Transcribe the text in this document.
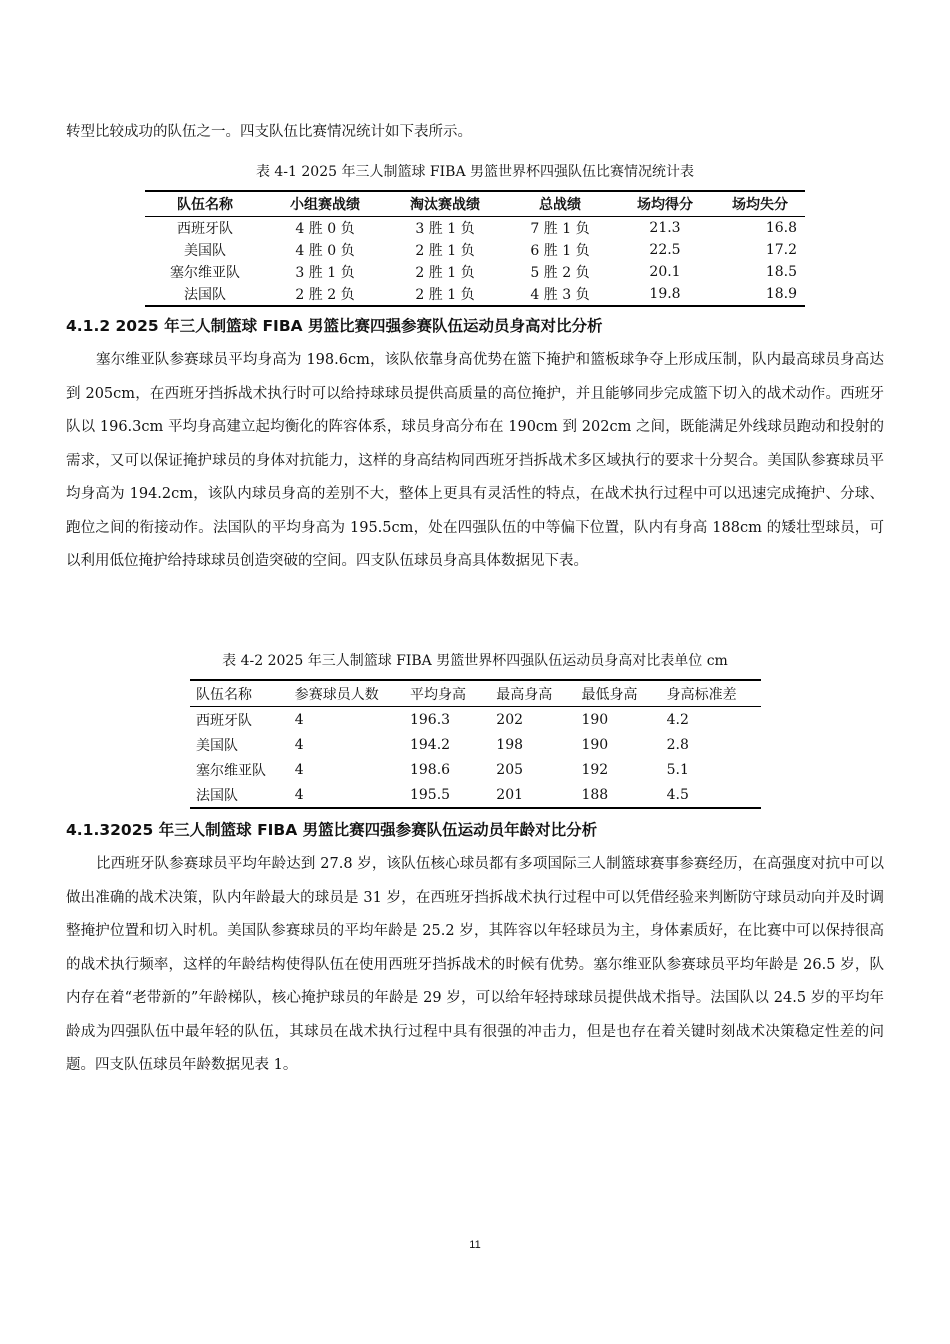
转型比较成功的队伍之一。四支队伍比赛情况统计如下表所示。

表 4-1 2025 年三人制篮球 FIBA 男篮世界杯四强队伍比赛情况统计表

队伍名称	小组赛战绩	淘汰赛战绩	总战绩	场均得分	场均失分
西班牙队	4 胜 0 负	3 胜 1 负	7 胜 1 负	21.3	16.8
美国队	4 胜 0 负	2 胜 1 负	6 胜 1 负	22.5	17.2
塞尔维亚队	3 胜 1 负	2 胜 1 负	5 胜 2 负	20.1	18.5
法国队	2 胜 2 负	2 胜 1 负	4 胜 3 负	19.8	18.9
4.1.2 2025 年三人制篮球 FIBA 男篮比赛四强参赛队伍运动员身高对比分析

塞尔维亚队参赛球员平均身高为 198.6cm，该队依靠身高优势在篮下掩护和篮板球争夺上形成压制，队内最高球员身高达到 205cm，在西班牙挡拆战术执行时可以给持球球员提供高质量的高位掩护，并且能够同步完成篮下切入的战术动作。西班牙队以 196.3cm 平均身高建立起均衡化的阵容体系，球员身高分布在 190cm 到 202cm 之间，既能满足外线球员跑动和投射的需求，又可以保证掩护球员的身体对抗能力，这样的身高结构同西班牙挡拆战术多区域执行的要求十分契合。美国队参赛球员平均身高为 194.2cm，该队内球员身高的差别不大，整体上更具有灵活性的特点，在战术执行过程中可以迅速完成掩护、分球、跑位之间的衔接动作。法国队的平均身高为 195.5cm，处在四强队伍的中等偏下位置，队内有身高 188cm 的矮壮型球员，可以利用低位掩护给持球球员创造突破的空间。四支队伍球员身高具体数据见下表。

表 4-2 2025 年三人制篮球 FIBA 男篮世界杯四强队伍运动员身高对比表单位 cm

队伍名称	参赛球员人数	平均身高	最高身高	最低身高	身高标准差
西班牙队	4	196.3	202	190	4.2
美国队	4	194.2	198	190	2.8
塞尔维亚队	4	198.6	205	192	5.1
法国队	4	195.5	201	188	4.5
4.1.32025 年三人制篮球 FIBA 男篮比赛四强参赛队伍运动员年龄对比分析

比西班牙队参赛球员平均年龄达到 27.8 岁，该队伍核心球员都有多项国际三人制篮球赛事参赛经历，在高强度对抗中可以做出准确的战术决策，队内年龄最大的球员是 31 岁，在西班牙挡拆战术执行过程中可以凭借经验来判断防守球员动向并及时调整掩护位置和切入时机。美国队参赛球员的平均年龄是 25.2 岁，其阵容以年轻球员为主，身体素质好，在比赛中可以保持很高的战术执行频率，这样的年龄结构使得队伍在使用西班牙挡拆战术的时候有优势。塞尔维亚队参赛球员平均年龄是 26.5 岁，队内存在着“老带新的”年龄梯队，核心掩护球员的年龄是 29 岁，可以给年轻持球球员提供战术指导。法国队以 24.5 岁的平均年龄成为四强队伍中最年轻的队伍，其球员在战术执行过程中具有很强的冲击力，但是也存在着关键时刻战术决策稳定性差的问题。四支队伍球员年龄数据见表 1。

11
